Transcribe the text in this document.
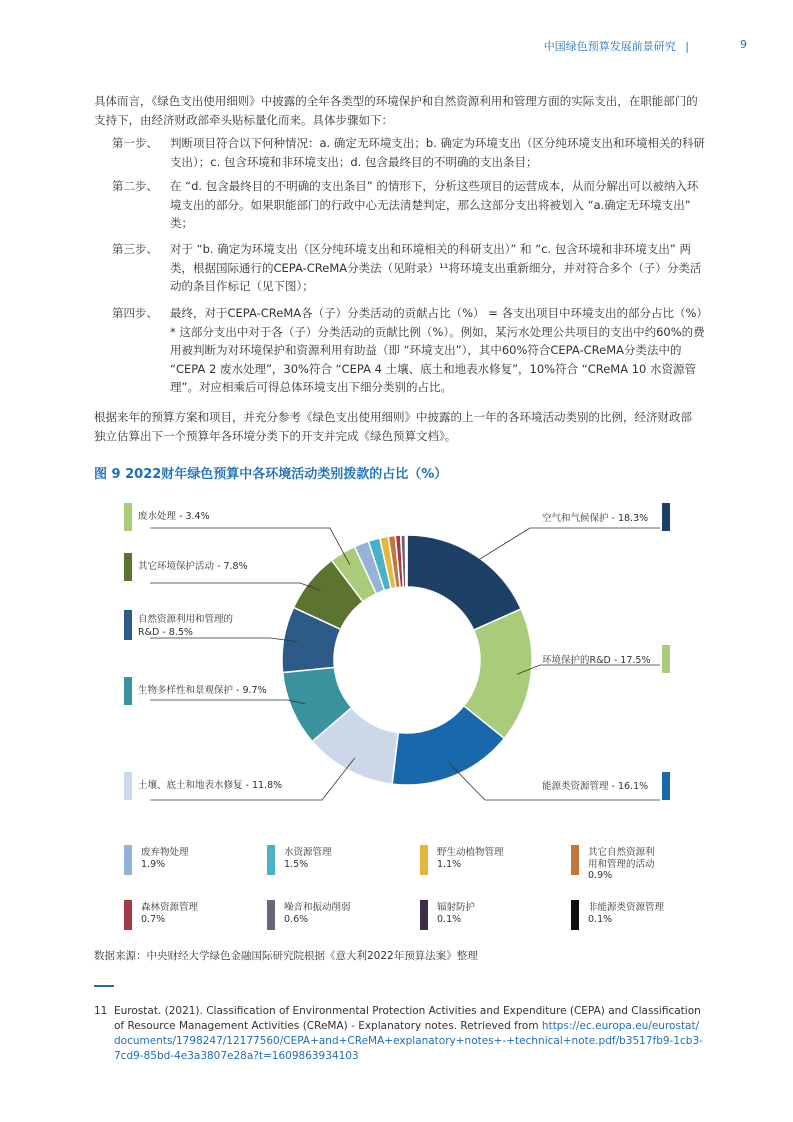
中国绿色预算发展前景研究 |	9
具体而言，《绿色支出使用细则》中披露的全年各类型的环境保护和自然资源利用和管理方面的实际支出，在职能部门的支持下，由经济财政部牵头贴标量化而来。具体步骤如下：
第一步、	判断项目符合以下何种情况：a. 确定无环境支出；b. 确定为环境支出（区分纯环境支出和环境相关的科研支出）；c. 包含环境和非环境支出；d. 包含最终目的不明确的支出条目；
第二步、	在 “d. 包含最终目的不明确的支出条目” 的情形下，分析这些项目的运营成本，从而分解出可以被纳入环境支出的部分。如果职能部门的行政中心无法清楚判定，那么这部分支出将被划入 “a.确定无环境支出” 类；
第三步、	对于 “b. 确定为环境支出（区分纯环境支出和环境相关的科研支出）” 和 “c. 包含环境和非环境支出” 两类，根据国际通行的CEPA-CReMA分类法（见附录）¹¹将环境支出重新细分，并对符合多个（子）分类活动的条目作标记（见下图）；
第四步、	最终，对于CEPA-CReMA各（子）分类活动的贡献占比（%） = 各支出项目中环境支出的部分占比（%）* 这部分支出中对于各（子）分类活动的贡献比例（%）。例如，某污水处理公共项目的支出中约60%的费用被判断为对环境保护和资源利用有助益（即 “环境支出”），其中60%符合CEPA-CReMA分类法中的 “CEPA 2 废水处理”，30%符合 “CEPA 4 土壤、底土和地表水修复”，10%符合 “CReMA 10 水资源管理”。对应相乘后可得总体环境支出下细分类别的占比。
根据来年的预算方案和项目，并充分参考《绿色支出使用细则》中披露的上一年的各环境活动类别的比例，经济财政部独立估算出下一个预算年各环境分类下的开支并完成《绿色预算文档》。
图 9 2022财年绿色预算中各环境活动类别拨款的占比（%）
废水处理 - 3.4%
其它环境保护活动 - 7.8%
自然资源利用和管理的
R&D - 8.5%
生物多样性和景观保护 - 9.7%
土壤、底土和地表水修复 - 11.8%
空气和气候保护 - 18.3%
环境保护的R&D - 17.5%
能源类资源管理 - 16.1%
废弃物处理
1.9%
水资源管理
1.5%
野生动植物管理
1.1%
其它自然资源利
用和管理的活动
0.9%
森林资源管理
0.7%
噪音和振动削弱
0.6%
辐射防护
0.1%
非能源类资源管理
0.1%
数据来源：中央财经大学绿色金融国际研究院根据《意大利2022年预算法案》整理
11 Eurostat. (2021). Classification of Environmental Protection Activities and Expenditure (CEPA) and Classification of Resource Management Activities (CReMA) - Explanatory notes. Retrieved from https://ec.europa.eu/eurostat/documents/1798247/12177560/CEPA+and+CReMA+explanatory+notes+-+technical+note.pdf/b3517fb9-1cb3-7cd9-85bd-4e3a3807e28a?t=1609863934103
